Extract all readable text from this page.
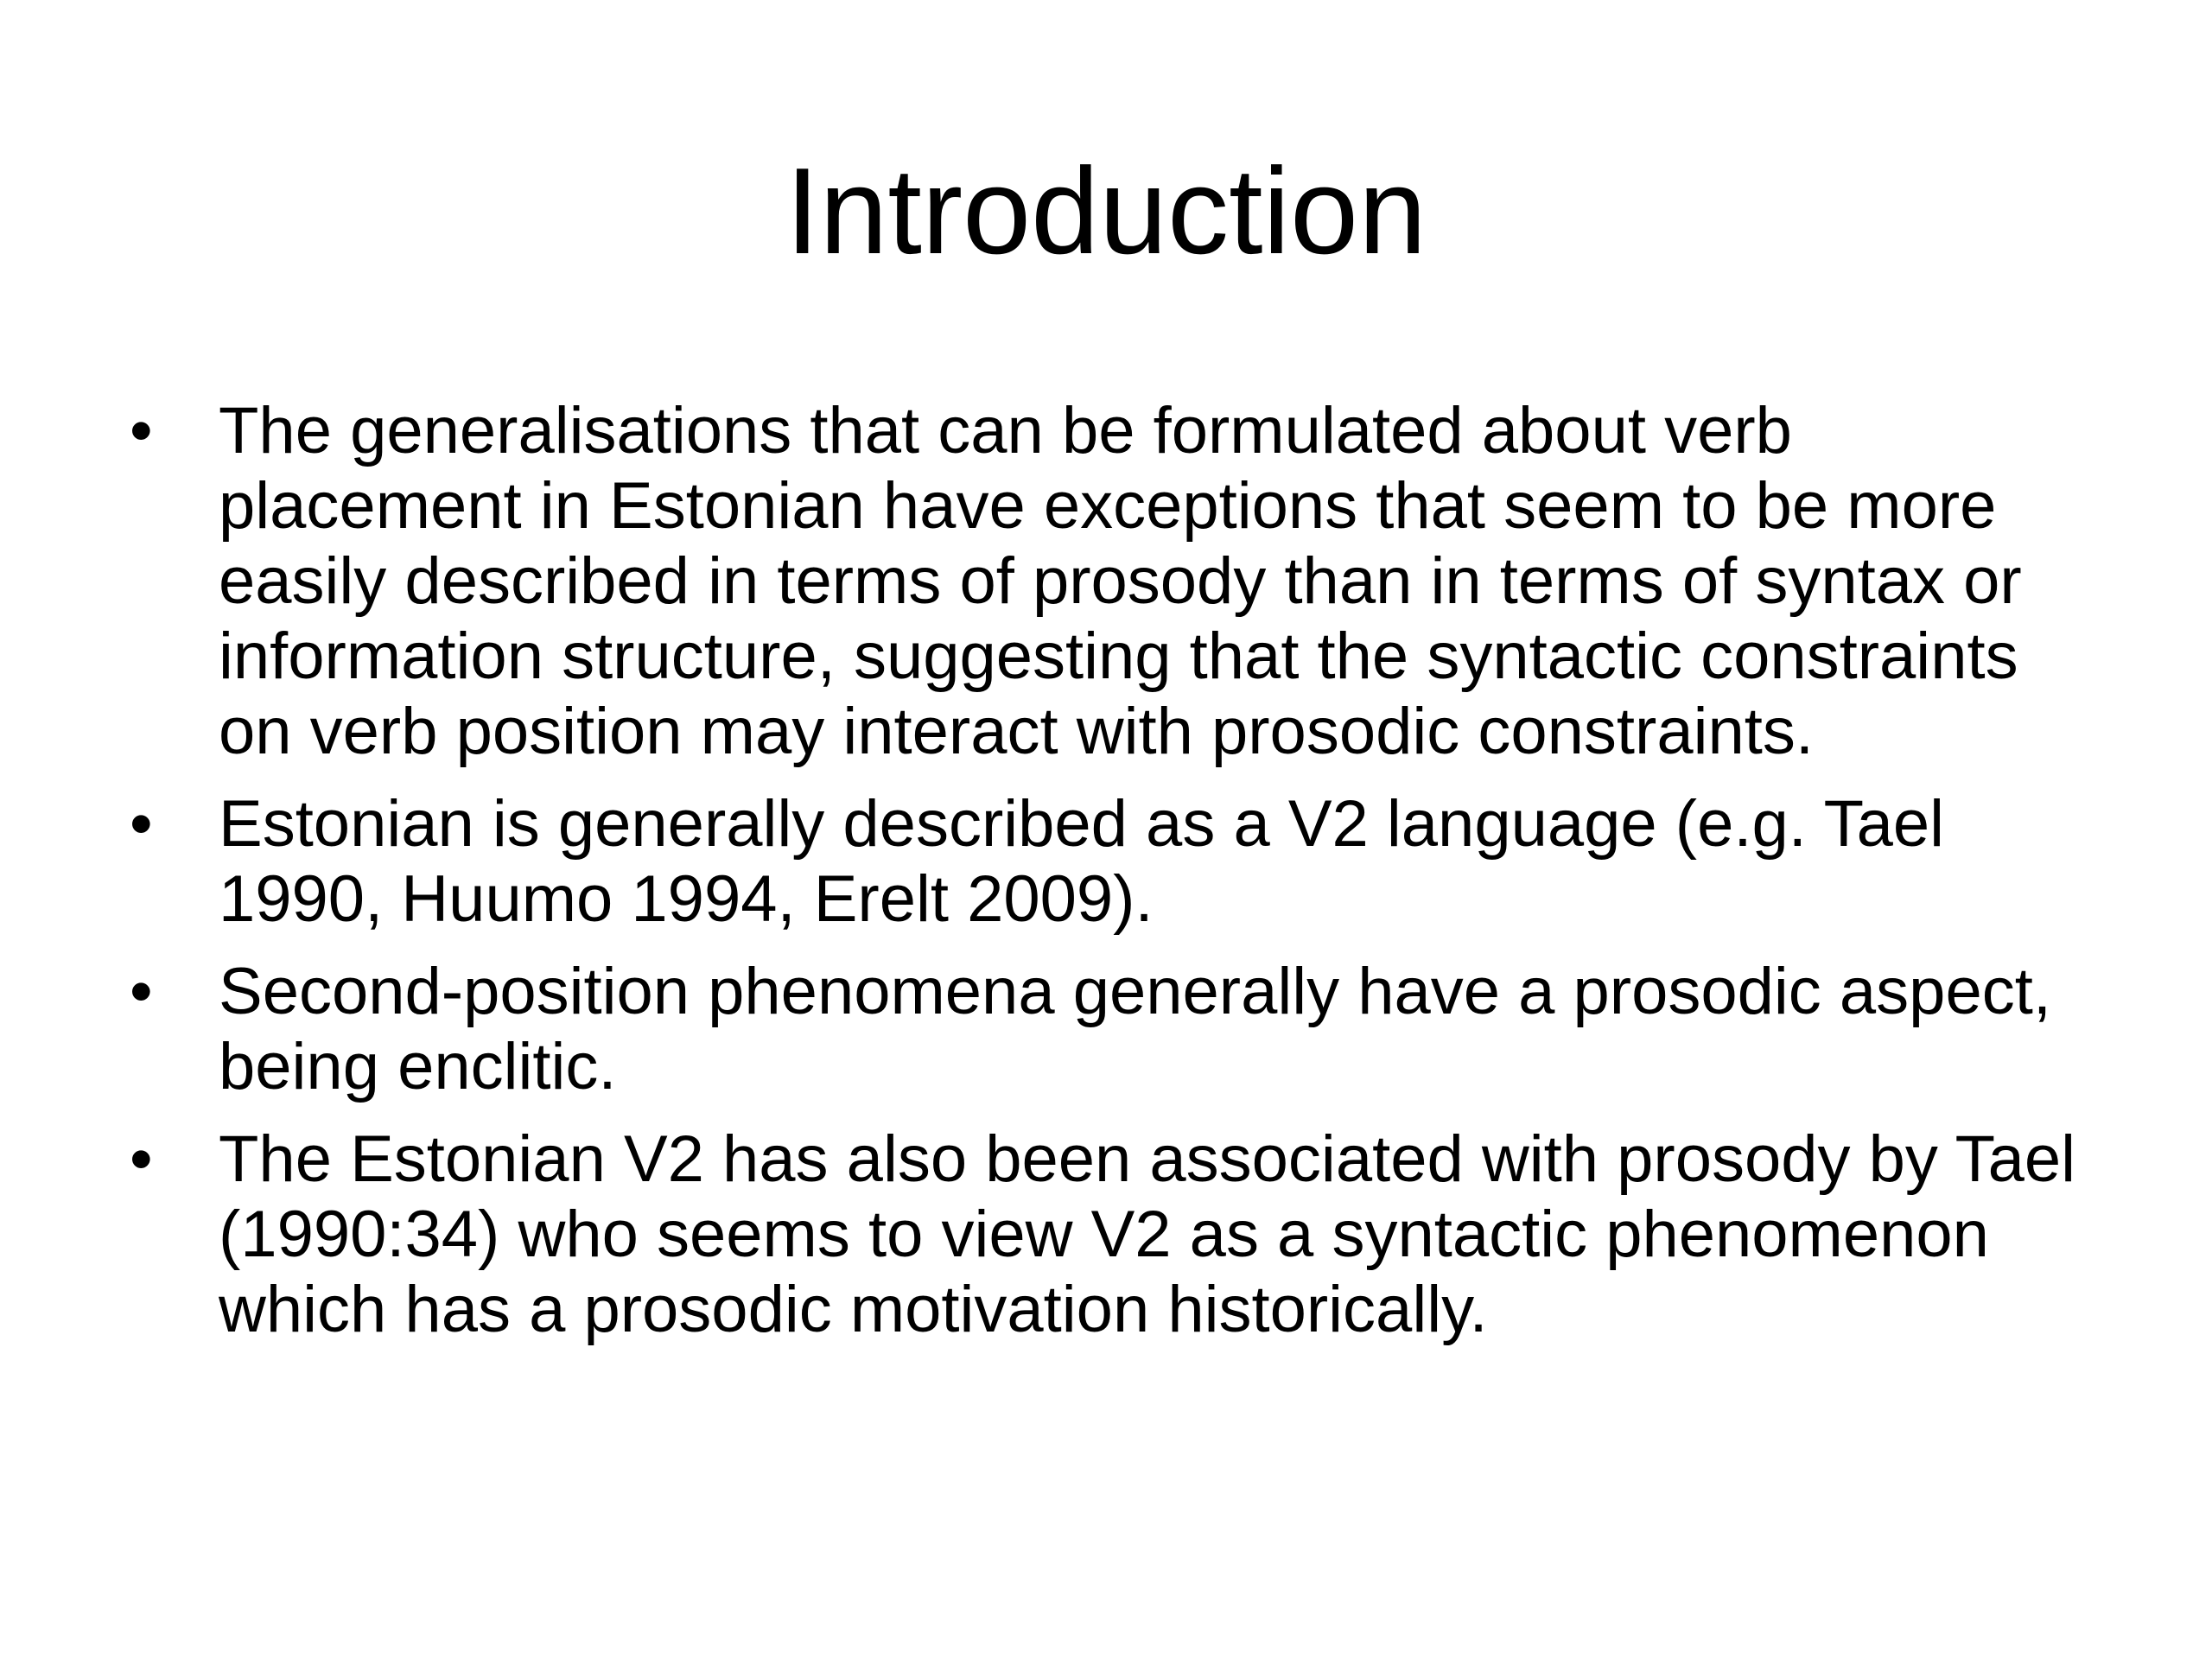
Introduction
•	The generalisations that can be formulated about verb placement in Estonian have exceptions that seem to be more easily described in terms of prosody than in terms of syntax or information structure, suggesting that the syntactic constraints on verb position may interact with prosodic constraints.
•	Estonian is generally described as a V2 language (e.g. Tael 1990, Huumo 1994, Erelt 2009).
•	Second-position phenomena generally have a prosodic aspect, being enclitic.
•	The Estonian V2 has also been associated with prosody by Tael (1990:34) who seems to view V2 as a syntactic phenomenon which has a prosodic motivation historically.
